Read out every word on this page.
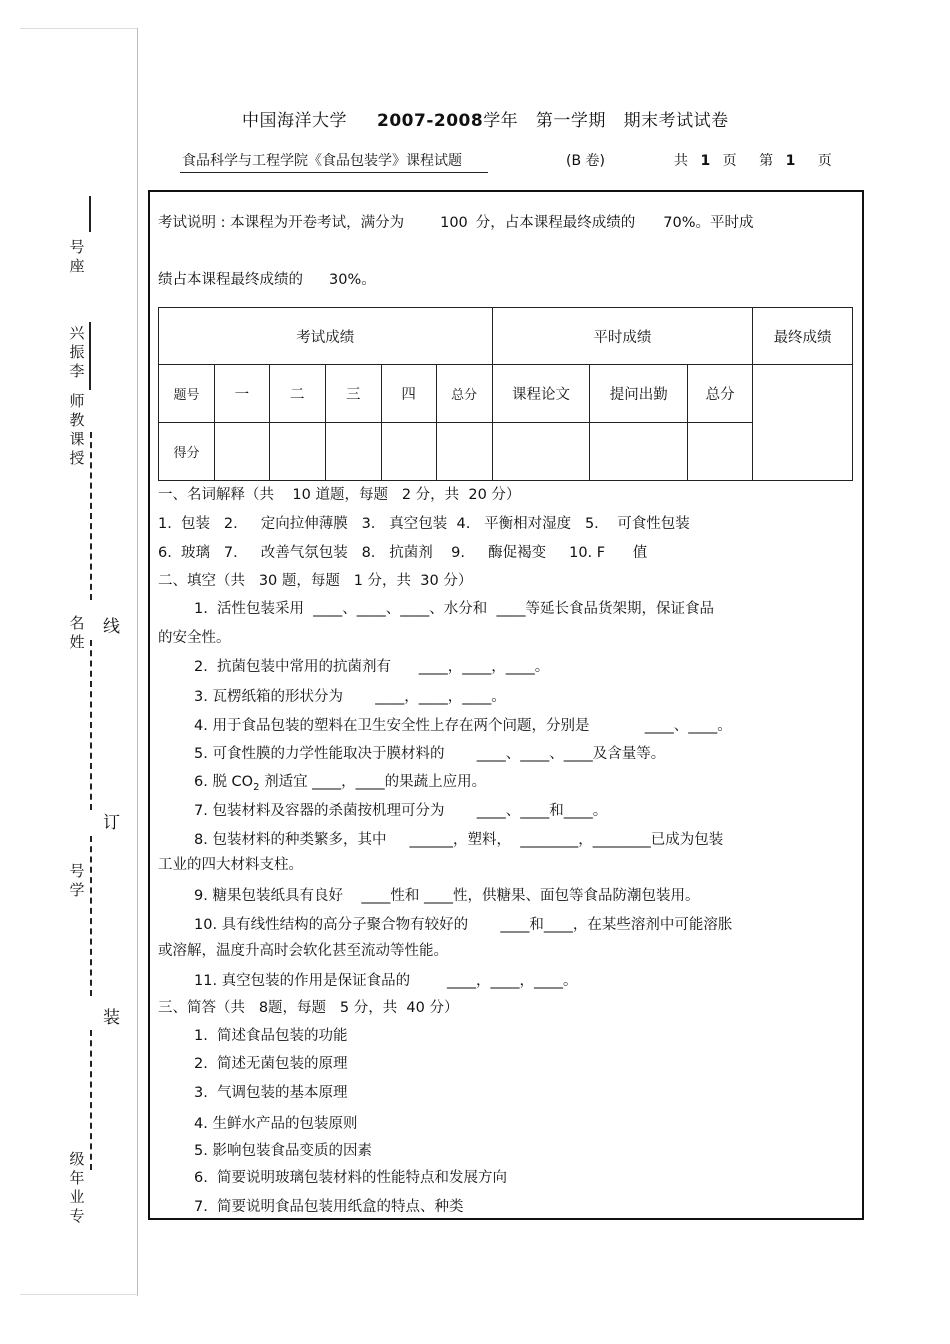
号座
兴振李
师教课授
名姓
线
订
号学
装
级年业专
中国海洋大学 2007-2008学年   第一学期   期末考试试卷
食品科学与工程学院《食品包装学》课程试题	(B 卷)	共 1 页 第 1 页
考试说明 : 本课程为开卷考试，满分为 100 分，占本课程最终成绩的 70%。平时成
绩占本课程最终成绩的 30%。
考试成绩						平时成绩			最终成绩
题号	一	二	三	四	总分	课程论文	提问出勤	总分	
得分									
一、名词解释（共    10 道题，每题   2 分，共  20 分）
1.  包装   2.     定向拉伸薄膜   3.   真空包装  4.   平衡相对湿度   5.    可食性包装
6.  玻璃   7.     改善气氛包装   8.   抗菌剂    9.     酶促褐变     10. F      值
二、填空（共   30 题，每题   1 分，共  30 分）
1.  活性包装采用  ____、____、____、水分和  ____等延长食品货架期，保证食品
的安全性。
2.  抗菌包装中常用的抗菌剂有      ____，____，____。
3. 瓦楞纸箱的形状分为       ____，____，____。
4. 用于食品包装的塑料在卫生安全性上存在两个问题，分别是            ____、____。
5. 可食性膜的力学性能取决于膜材料的       ____、____、____及含量等。
6. 脱 $CO_2$ 剂适宜 ____，____的果蔬上应用。
7. 包装材料及容器的杀菌按机理可分为       ____、____和____。
8. 包装材料的种类繁多，其中     ______，塑料，  ________，________已成为包装
工业的四大材料支柱。
9. 糖果包装纸具有良好    ____性和 ____性，供糖果、面包等食品防潮包装用。
10. 具有线性结构的高分子聚合物有较好的       ____和____，在某些溶剂中可能溶胀
或溶解，温度升高时会软化甚至流动等性能。
11. 真空包装的作用是保证食品的        ____，____，____。
三、简答（共   8题，每题   5 分，共  40 分）
1.  简述食品包装的功能
2.  简述无菌包装的原理
3.  气调包装的基本原理
4. 生鲜水产品的包装原则
5. 影响包装食品变质的因素
6.  简要说明玻璃包装材料的性能特点和发展方向
7.  简要说明食品包装用纸盒的特点、种类
